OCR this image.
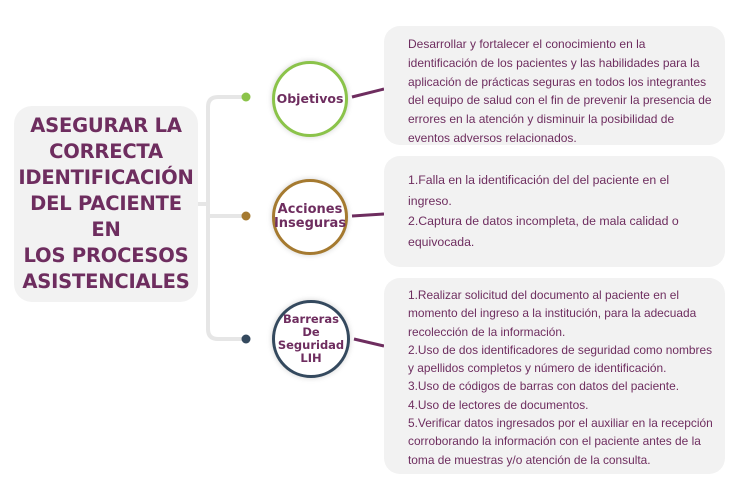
ASEGURAR LA
CORRECTA
IDENTIFICACIÓN
DEL PACIENTE EN
LOS PROCESOS
ASISTENCIALES
Objetivos
Acciones
Inseguras
Barreras De
Seguridad
LIH
Desarrollar y fortalecer el conocimiento en la identificación de los pacientes y las habilidades para la aplicación de prácticas seguras en todos los integrantes del equipo de salud con el fin de prevenir la presencia de errores en la atención y disminuir la posibilidad de eventos adversos relacionados.
1.Falla en la identificación del del paciente en el ingreso.
2.Captura de datos incompleta, de mala calidad o equivocada.
1.Realizar solicitud del documento al paciente en el momento del ingreso a la institución, para la adecuada recolección de la información.
2.Uso de dos identificadores de seguridad como nombres y apellidos completos y número de identificación.
3.Uso de códigos de barras con datos del paciente.
4.Uso de lectores de documentos.
5.Verificar datos ingresados por el auxiliar en la recepción corroborando la información con el paciente antes de la toma de muestras y/o atención de la consulta.
